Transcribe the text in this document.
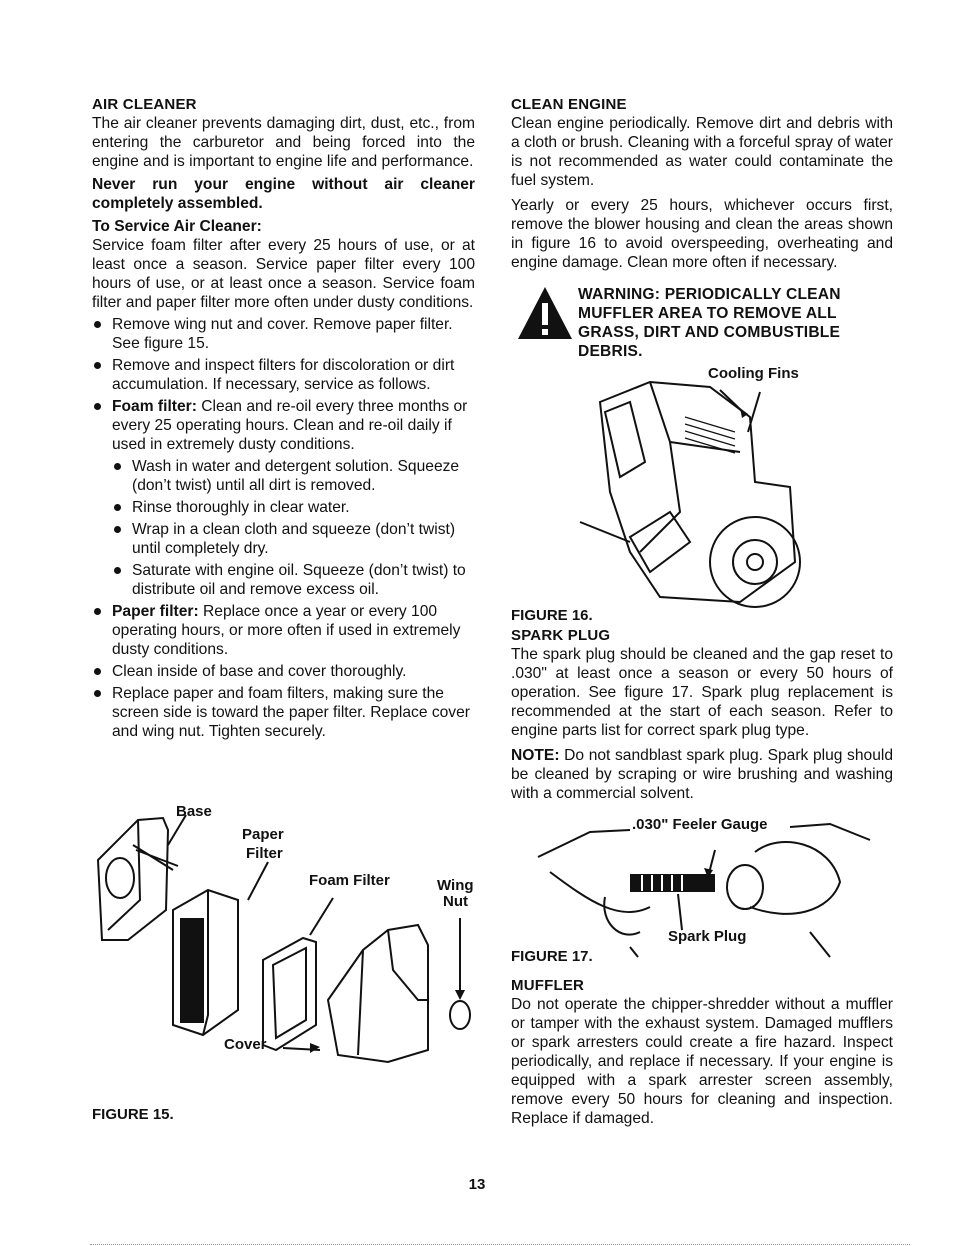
AIR CLEANER

The air cleaner prevents damaging dirt, dust, etc., from entering the carburetor and being forced into the engine and is important to engine life and performance.

Never run your engine without air cleaner completely assembled.

To Service Air Cleaner:

Service foam filter after every 25 hours of use, or at least once a season. Service paper filter every 100 hours of use, or at least once a season. Service foam filter and paper filter more often under dusty conditions.

Remove wing nut and cover. Remove paper filter. See figure 15.
Remove and inspect filters for discoloration or dirt accumulation. If necessary, service as follows.
Foam filter: Clean and re-oil every three months or every 25 operating hours. Clean and re-oil daily if used in extremely dusty conditions.
Wash in water and detergent solution. Squeeze (don’t twist) until all dirt is removed.
Rinse thoroughly in clear water.
Wrap in a clean cloth and squeeze (don’t twist) until completely dry.
Saturate with engine oil. Squeeze (don’t twist) to distribute oil and remove excess oil.
Paper filter: Replace once a year or every 100 operating hours, or more often if used in extremely dusty conditions.
Clean inside of base and cover thoroughly.
Replace paper and foam filters, making sure the screen side is toward the paper filter. Replace cover and wing nut. Tighten securely.
Base
Paper
Filter
Foam Filter	Wing
Nut
Cover
FIGURE 15.
CLEAN ENGINE

Clean engine periodically. Remove dirt and debris with a cloth or brush. Cleaning with a forceful spray of water is not recommended as water could contaminate the fuel system.

Yearly or every 25 hours, whichever occurs first, remove the blower housing and clean the areas shown in figure 16 to avoid overspeeding, overheating and engine damage. Clean more often if necessary.

WARNING: PERIODICALLY CLEAN MUFFLER AREA TO REMOVE ALL GRASS, DIRT AND COMBUSTIBLE DEBRIS.
Cooling Fins
FIGURE 16.
SPARK PLUG

The spark plug should be cleaned and the gap reset to .030" at least once a season or every 50 hours of operation. See figure 17. Spark plug replacement is recommended at the start of each season. Refer to engine parts list for correct spark plug type.

NOTE: Do not sandblast spark plug. Spark plug should be cleaned by scraping or wire brushing and washing with a commercial solvent.

.030" Feeler Gauge
Spark Plug
FIGURE 17.
MUFFLER

Do not operate the chipper-shredder without a muffler or tamper with the exhaust system. Damaged mufflers or spark arresters could create a fire hazard. Inspect periodically, and replace if necessary. If your engine is equipped with a spark arrester screen assembly, remove every 50 hours for cleaning and inspection. Replace if damaged.

13
